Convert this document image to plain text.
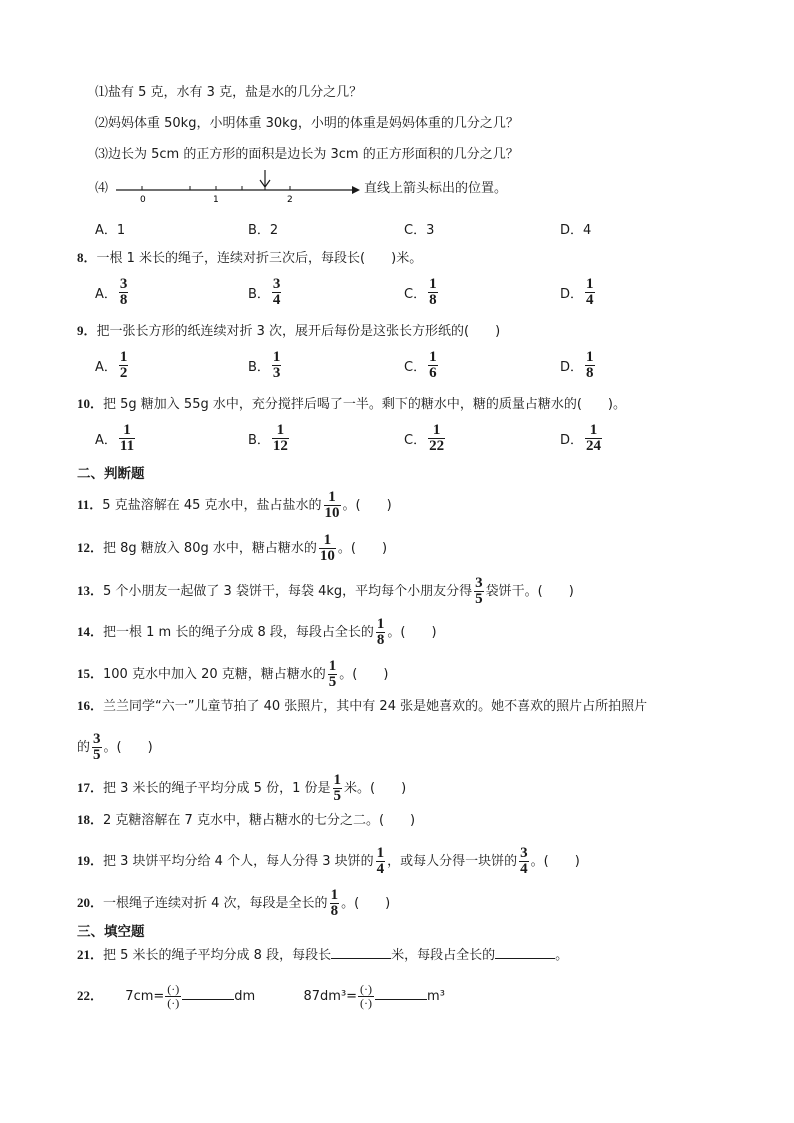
⑴盐有 5 克，水有 3 克，盐是水的几分之几？
⑵妈妈体重 50kg，小明体重 30kg，小明的体重是妈妈体重的几分之几？
⑶边长为 5cm 的正方形的面积是边长为 3cm 的正方形面积的几分之几？
⑷
0	1	2
直线上箭头标出的位置。
A．1	B．2	C．3	D．4
8．一根 1 米长的绳子，连续对折三次后，每段长(　　)米。
A． $\frac{3}{8}$	B． $\frac{3}{4}$	C． $\frac{1}{8}$	D． $\frac{1}{4}$
9．把一张长方形的纸连续对折 3 次，展开后每份是这张长方形纸的(　　)
A． $\frac{1}{2}$	B． $\frac{1}{3}$	C． $\frac{1}{6}$	D． $\frac{1}{8}$
10．把 5g 糖加入 55g 水中，充分搅拌后喝了一半。剩下的糖水中，糖的质量占糖水的(　　)。
A． $\frac{1}{11}$	B． $\frac{1}{12}$	C． $\frac{1}{22}$	D． $\frac{1}{24}$
二、判断题
11．5 克盐溶解在 45 克水中，盐占盐水的 $\frac{1}{10}$ 。(　　)
12．把 8g 糖放入 80g 水中，糖占糖水的 $\frac{1}{10}$ 。(　　)
13．5 个小朋友一起做了 3 袋饼干，每袋 4kg，平均每个小朋友分得 $\frac{3}{5}$ 袋饼干。(　　)
14．把一根 1 m 长的绳子分成 8 段，每段占全长的 $\frac{1}{8}$ 。(　　)
15．100 克水中加入 20 克糖，糖占糖水的 $\frac{1}{5}$ 。(　　)
16．兰兰同学“六一”儿童节拍了 40 张照片，其中有 24 张是她喜欢的。她不喜欢的照片占所拍照片
的 $\frac{3}{5}$ 。(　　)
17．把 3 米长的绳子平均分成 5 份，1 份是 $\frac{1}{5}$ 米。(　　)
18．2 克糖溶解在 7 克水中，糖占糖水的七分之二。(　　)
19．把 3 块饼平均分给 4 个人，每人分得 3 块饼的 $\frac{1}{4}$ ，或每人分得一块饼的 $\frac{3}{4}$ 。(　　)
20．一根绳子连续对折 4 次，每段是全长的 $\frac{1}{8}$ 。(　　)
三、填空题
21．把 5 米长的绳子平均分成 8 段，每段长	米，每段占全长的	。
22． 7cm= (·)
(·)	dm	87dm³= (·)
(·)	m³
